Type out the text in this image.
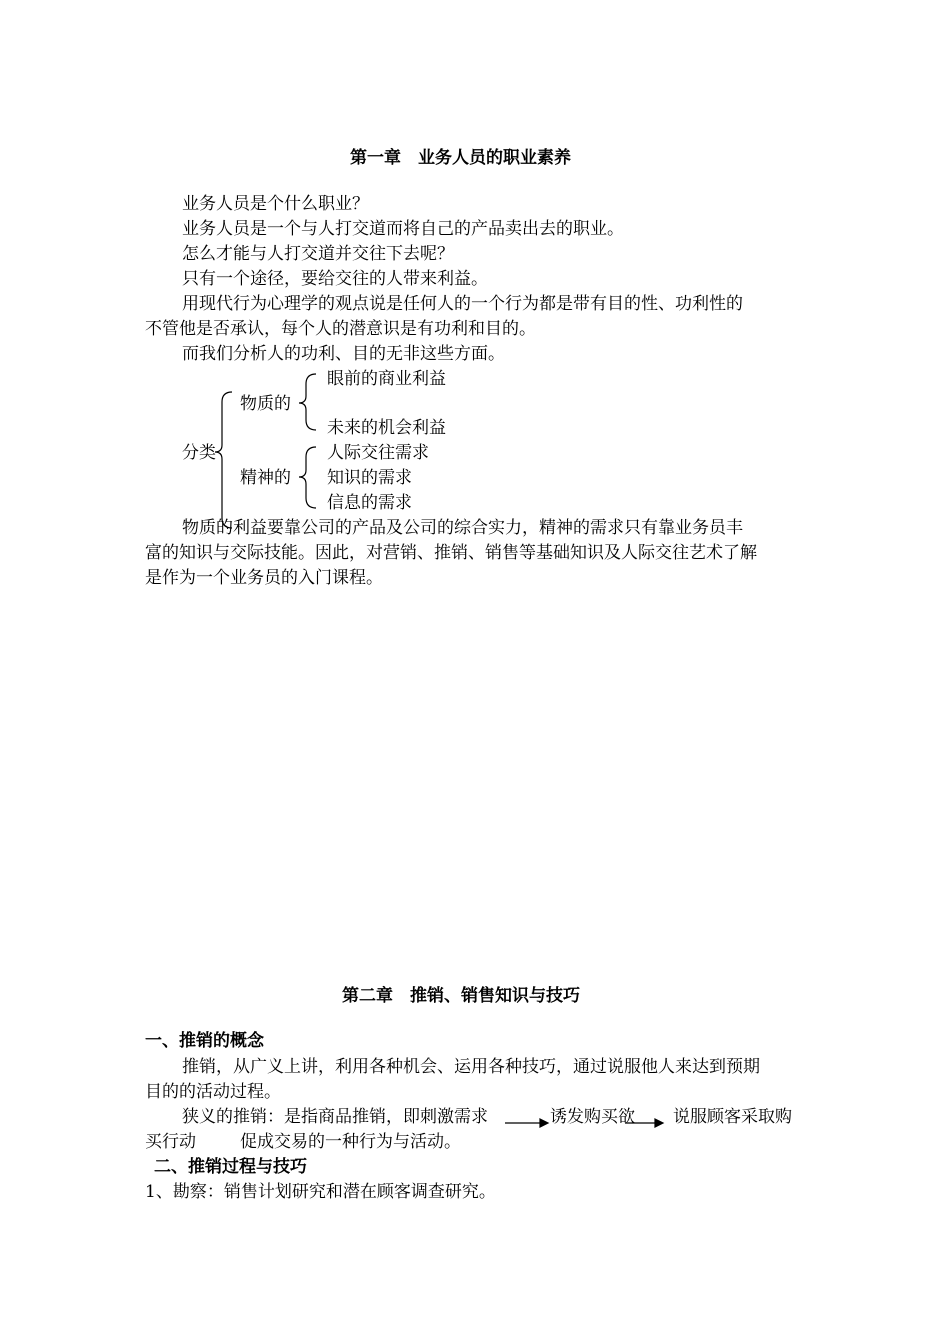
第一章　业务人员的职业素养
业务人员是个什么职业？
业务人员是一个与人打交道而将自己的产品卖出去的职业。
怎么才能与人打交道并交往下去呢？
只有一个途径，要给交往的人带来利益。
用现代行为心理学的观点说是任何人的一个行为都是带有目的性、功利性的
不管他是否承认，每个人的潜意识是有功利和目的。
而我们分析人的功利、目的无非这些方面。
分类
物质的
精神的
眼前的商业利益
未来的机会利益
人际交往需求
知识的需求
信息的需求
物质的利益要靠公司的产品及公司的综合实力，精神的需求只有靠业务员丰
富的知识与交际技能。因此，对营销、推销、销售等基础知识及人际交往艺术了解
是作为一个业务员的入门课程。
第二章　推销、销售知识与技巧
一、推销的概念
推销，从广义上讲，利用各种机会、运用各种技巧，通过说服他人来达到预期
目的的活动过程。
狭义的推销：是指商品推销，即刺激需求	诱发购买欲 说服顾客采取购
买行动	促成交易的一种行为与活动。
二、推销过程与技巧
1、勘察：销售计划研究和潜在顾客调查研究。
